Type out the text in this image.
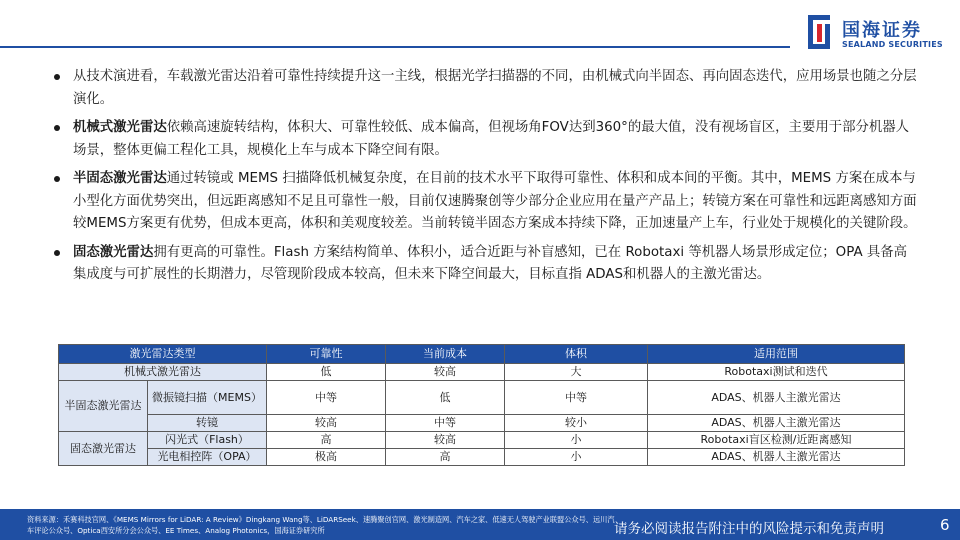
国海证券
SEALAND SECURITIES
从技术演进看，车载激光雷达沿着可靠性持续提升这一主线，根据光学扫描器的不同，由机械式向半固态、再向固态迭代，应用场景也随之分层演化。
机械式激光雷达依赖高速旋转结构，体积大、可靠性较低、成本偏高，但视场角FOV达到360°的最大值，没有视场盲区，主要用于部分机器人场景，整体更偏工程化工具，规模化上车与成本下降空间有限。
半固态激光雷达通过转镜或 MEMS 扫描降低机械复杂度，在目前的技术水平下取得可靠性、体积和成本间的平衡。其中，MEMS 方案在成本与小型化方面优势突出，但远距离感知不足且可靠性一般，目前仅速腾聚创等少部分企业应用在量产产品上；转镜方案在可靠性和远距离感知方面较MEMS方案更有优势，但成本更高，体积和美观度较差。当前转镜半固态方案成本持续下降，正加速量产上车，行业处于规模化的关键阶段。
固态激光雷达拥有更高的可靠性。Flash 方案结构简单、体积小，适合近距与补盲感知，已在 Robotaxi 等机器人场景形成定位；OPA 具备高集成度与可扩展性的长期潜力，尽管现阶段成本较高，但未来下降空间最大，目标直指 ADAS和机器人的主激光雷达。
激光雷达类型		可靠性	当前成本	体积	适用范围
机械式激光雷达		低	较高	大	Robotaxi测试和迭代
半固态激光雷达	微振镜扫描（MEMS）	中等	低	中等	ADAS、机器人主激光雷达
	转镜	较高	中等	较小	ADAS、机器人主激光雷达
固态激光雷达	闪光式（Flash）	高	较高	小	Robotaxi盲区检测/近距离感知
	光电相控阵（OPA）	极高	高	小	ADAS、机器人主激光雷达
资料来源：禾赛科技官网、《MEMS Mirrors for LiDAR: A Review》Dingkang Wang等、LiDARSeek、速腾聚创官网、激光制造网、汽车之家、低速无人驾驶产业联盟公众号、远川汽车评论公众号、Optica西安所分会公众号、EE Times、Analog Photonics，国海证券研究所	请务必阅读报告附注中的风险提示和免责声明	6
